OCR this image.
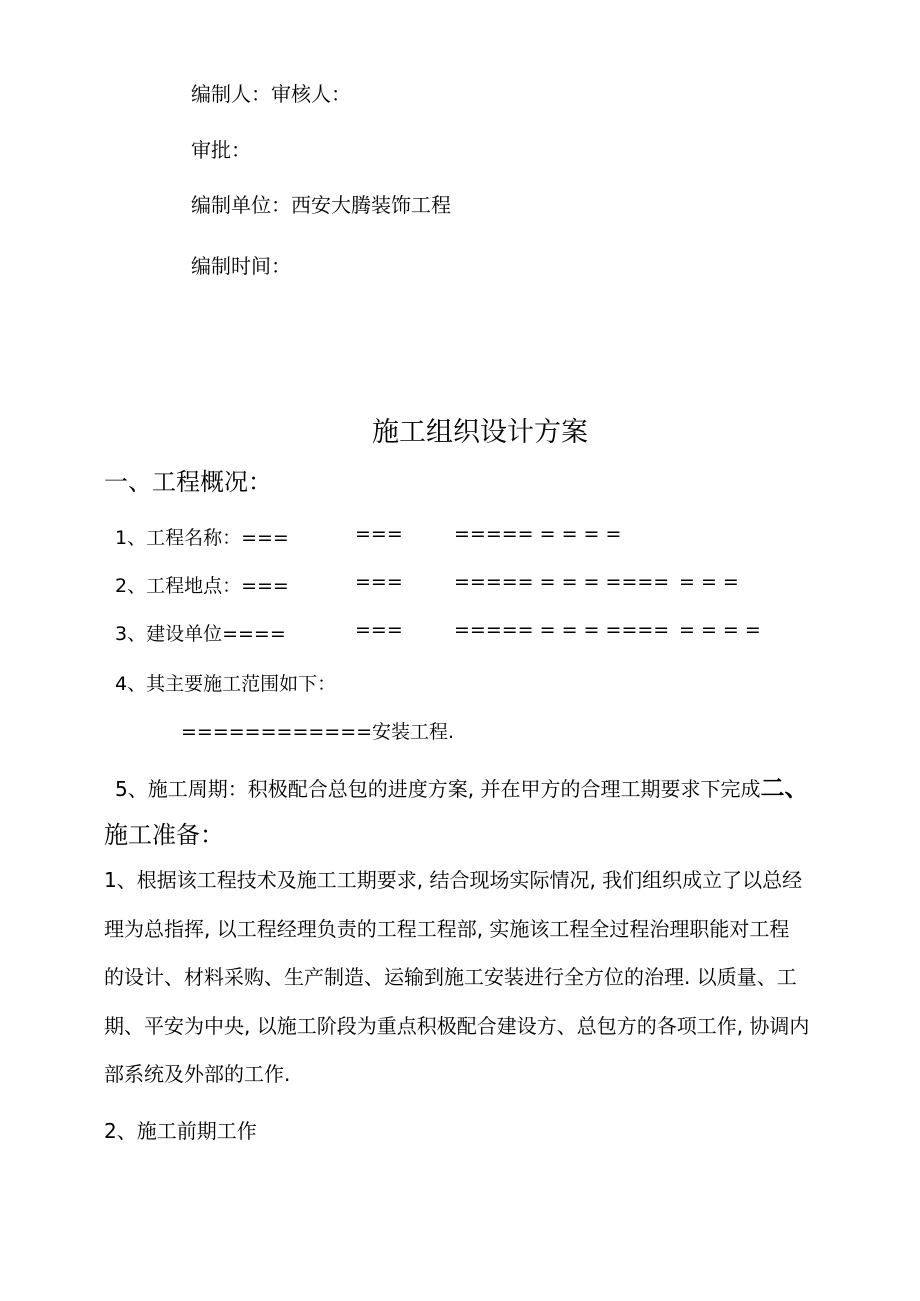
编制人：审核人：
审批：
编制单位：西安大腾装饰工程
编制时间：
施工组织设计方案
一、工程概况：
1、工程名称：===	===	===== = = = =
2、工程地点：===	===	===== = = = ==== = = =
3、建设单位====	===	===== = = = ==== = = = =
4、其主要施工范围如下：
============安装工程.
5、施工周期：积极配合总包的进度方案, 并在甲方的合理工期要求下完成二、
施工准备：
1、根据该工程技术及施工工期要求, 结合现场实际情况, 我们组织成立了以总经
理为总指挥, 以工程经理负责的工程工程部, 实施该工程全过程治理职能对工程
的设计、材料采购、生产制造、运输到施工安装进行全方位的治理. 以质量、工
期、平安为中央, 以施工阶段为重点积极配合建设方、总包方的各项工作, 协调内
部系统及外部的工作.
2、施工前期工作
